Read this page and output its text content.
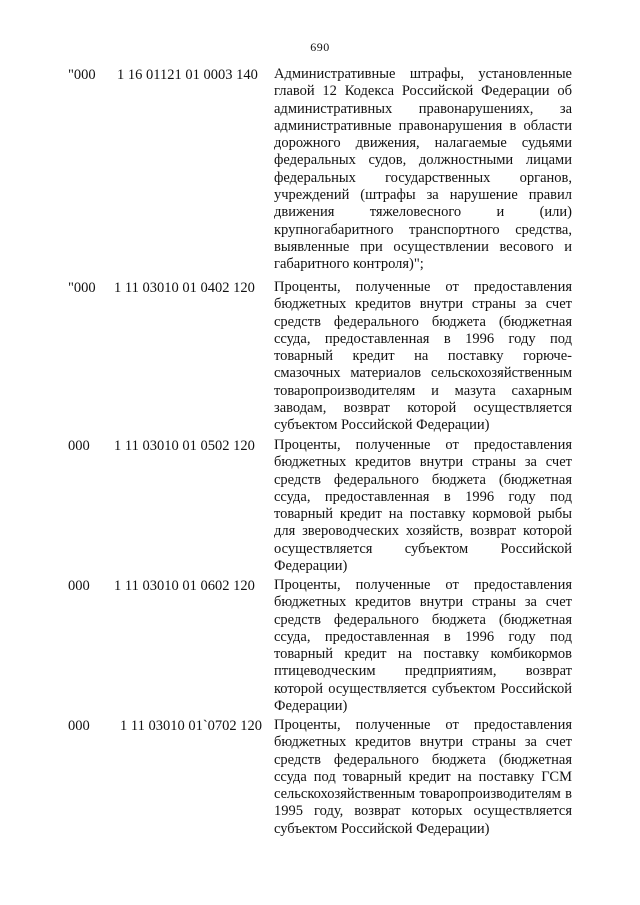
690
"000 1 16 01121 01 0003 140 Административные штрафы, установленные главой 12 Кодекса Российской Федерации об административных правонарушениях, за административные правонарушения в области дорожного движения, налагаемые судьями федеральных судов, должностными лицами федеральных государственных органов, учреждений (штрафы за нарушение правил движения тяжеловесного и (или) крупногабаритного транспортного средства, выявленные при осуществлении весового и габаритного контроля)";
"000 1 11 03010 01 0402 120 Проценты, полученные от предоставления бюджетных кредитов внутри страны за счет средств федерального бюджета (бюджетная ссуда, предоставленная в 1996 году под товарный кредит на поставку горюче-смазочных материалов сельскохозяйственным товаропроизводителям и мазута сахарным заводам, возврат которой осуществляется субъектом Российской Федерации)
000 1 11 03010 01 0502 120 Проценты, полученные от предоставления бюджетных кредитов внутри страны за счет средств федерального бюджета (бюджетная ссуда, предоставленная в 1996 году под товарный кредит на поставку кормовой рыбы для звероводческих хозяйств, возврат которой осуществляется субъектом Российской Федерации)
000 1 11 03010 01 0602 120 Проценты, полученные от предоставления бюджетных кредитов внутри страны за счет средств федерального бюджета (бюджетная ссуда, предоставленная в 1996 году под товарный кредит на поставку комбикормов птицеводческим предприятиям, возврат которой осуществляется субъектом Российской Федерации)
000 1 11 03010 01`0702 120 Проценты, полученные от предоставления бюджетных кредитов внутри страны за счет средств федерального бюджета (бюджетная ссуда под товарный кредит на поставку ГСМ сельскохозяйственным товаропроизводителям в 1995 году, возврат которых осуществляется субъектом Российской Федерации)
